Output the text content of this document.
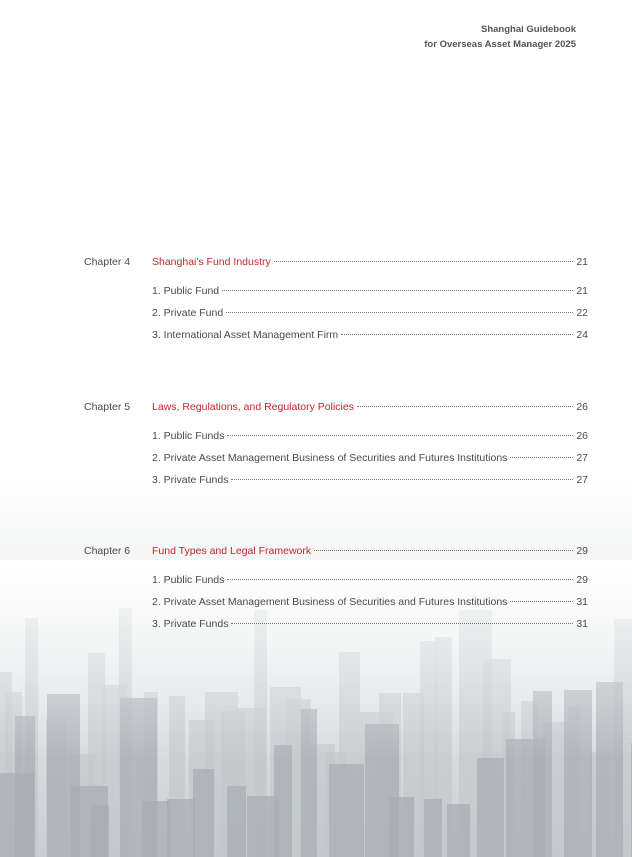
Shanghai Guidebook
for Overseas Asset Manager 2025
Chapter 4 Shanghai's Fund Industry	21
1. Public Fund	21
2. Private Fund	22
3. International Asset Management Firm	24
Chapter 5 Laws, Regulations, and Regulatory Policies	26
1. Public Funds	26
2. Private Asset Management Business of Securities and Futures Institutions	27
3. Private Funds	27
Chapter 6 Fund Types and Legal Framework	29
1. Public Funds	29
2. Private Asset Management Business of Securities and Futures Institutions	31
3. Private Funds	31
